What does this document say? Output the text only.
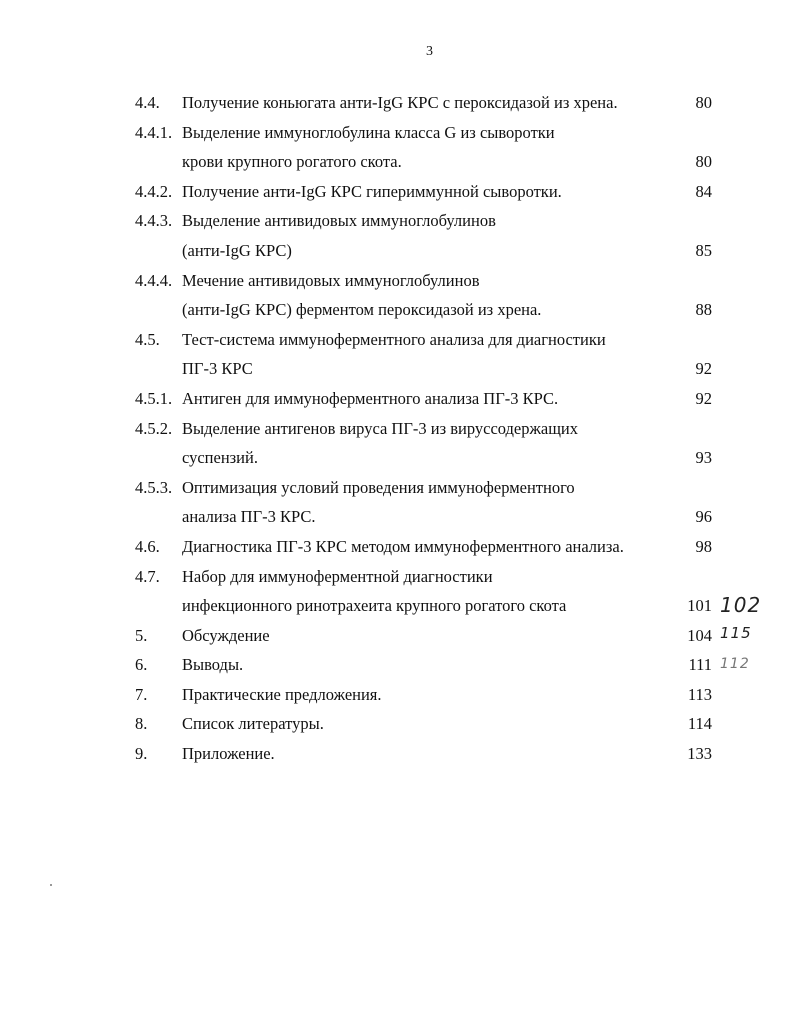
3
4.4. Получение коньюгата анти-IgG КРС с пероксидазой из хрена.	80
4.4.1. Выделение иммуноглобулина класса G из сыворотки
крови крупного рогатого скота.	80
4.4.2. Получение анти-IgG КРС гипериммунной сыворотки.	84
4.4.3. Выделение антивидовых иммуноглобулинов
(анти-IgG КРС)	85
4.4.4. Мечение антивидовых иммуноглобулинов
(анти-IgG КРС) ферментом пероксидазой из хрена.	88
4.5. Тест-система иммуноферментного анализа для диагностики
ПГ-3 КРС	92
4.5.1. Антиген для иммуноферментного анализа ПГ-3 КРС.	92
4.5.2. Выделение антигенов вируса ПГ-3 из вируссодержащих
суспензий.	93
4.5.3. Оптимизация условий проведения иммуноферментного
анализа ПГ-3 КРС.	96
4.6. Диагностика ПГ-3 КРС методом иммуноферментного анализа.	98
4.7. Набор для иммуноферментной диагностики
инфекционного ринотрахеита крупного рогатого скота	101 102
5. Обсуждение	104 115
6. Выводы.	111 112
7. Практические предложения.	113
8. Список литературы.	114
9. Приложение.	133
